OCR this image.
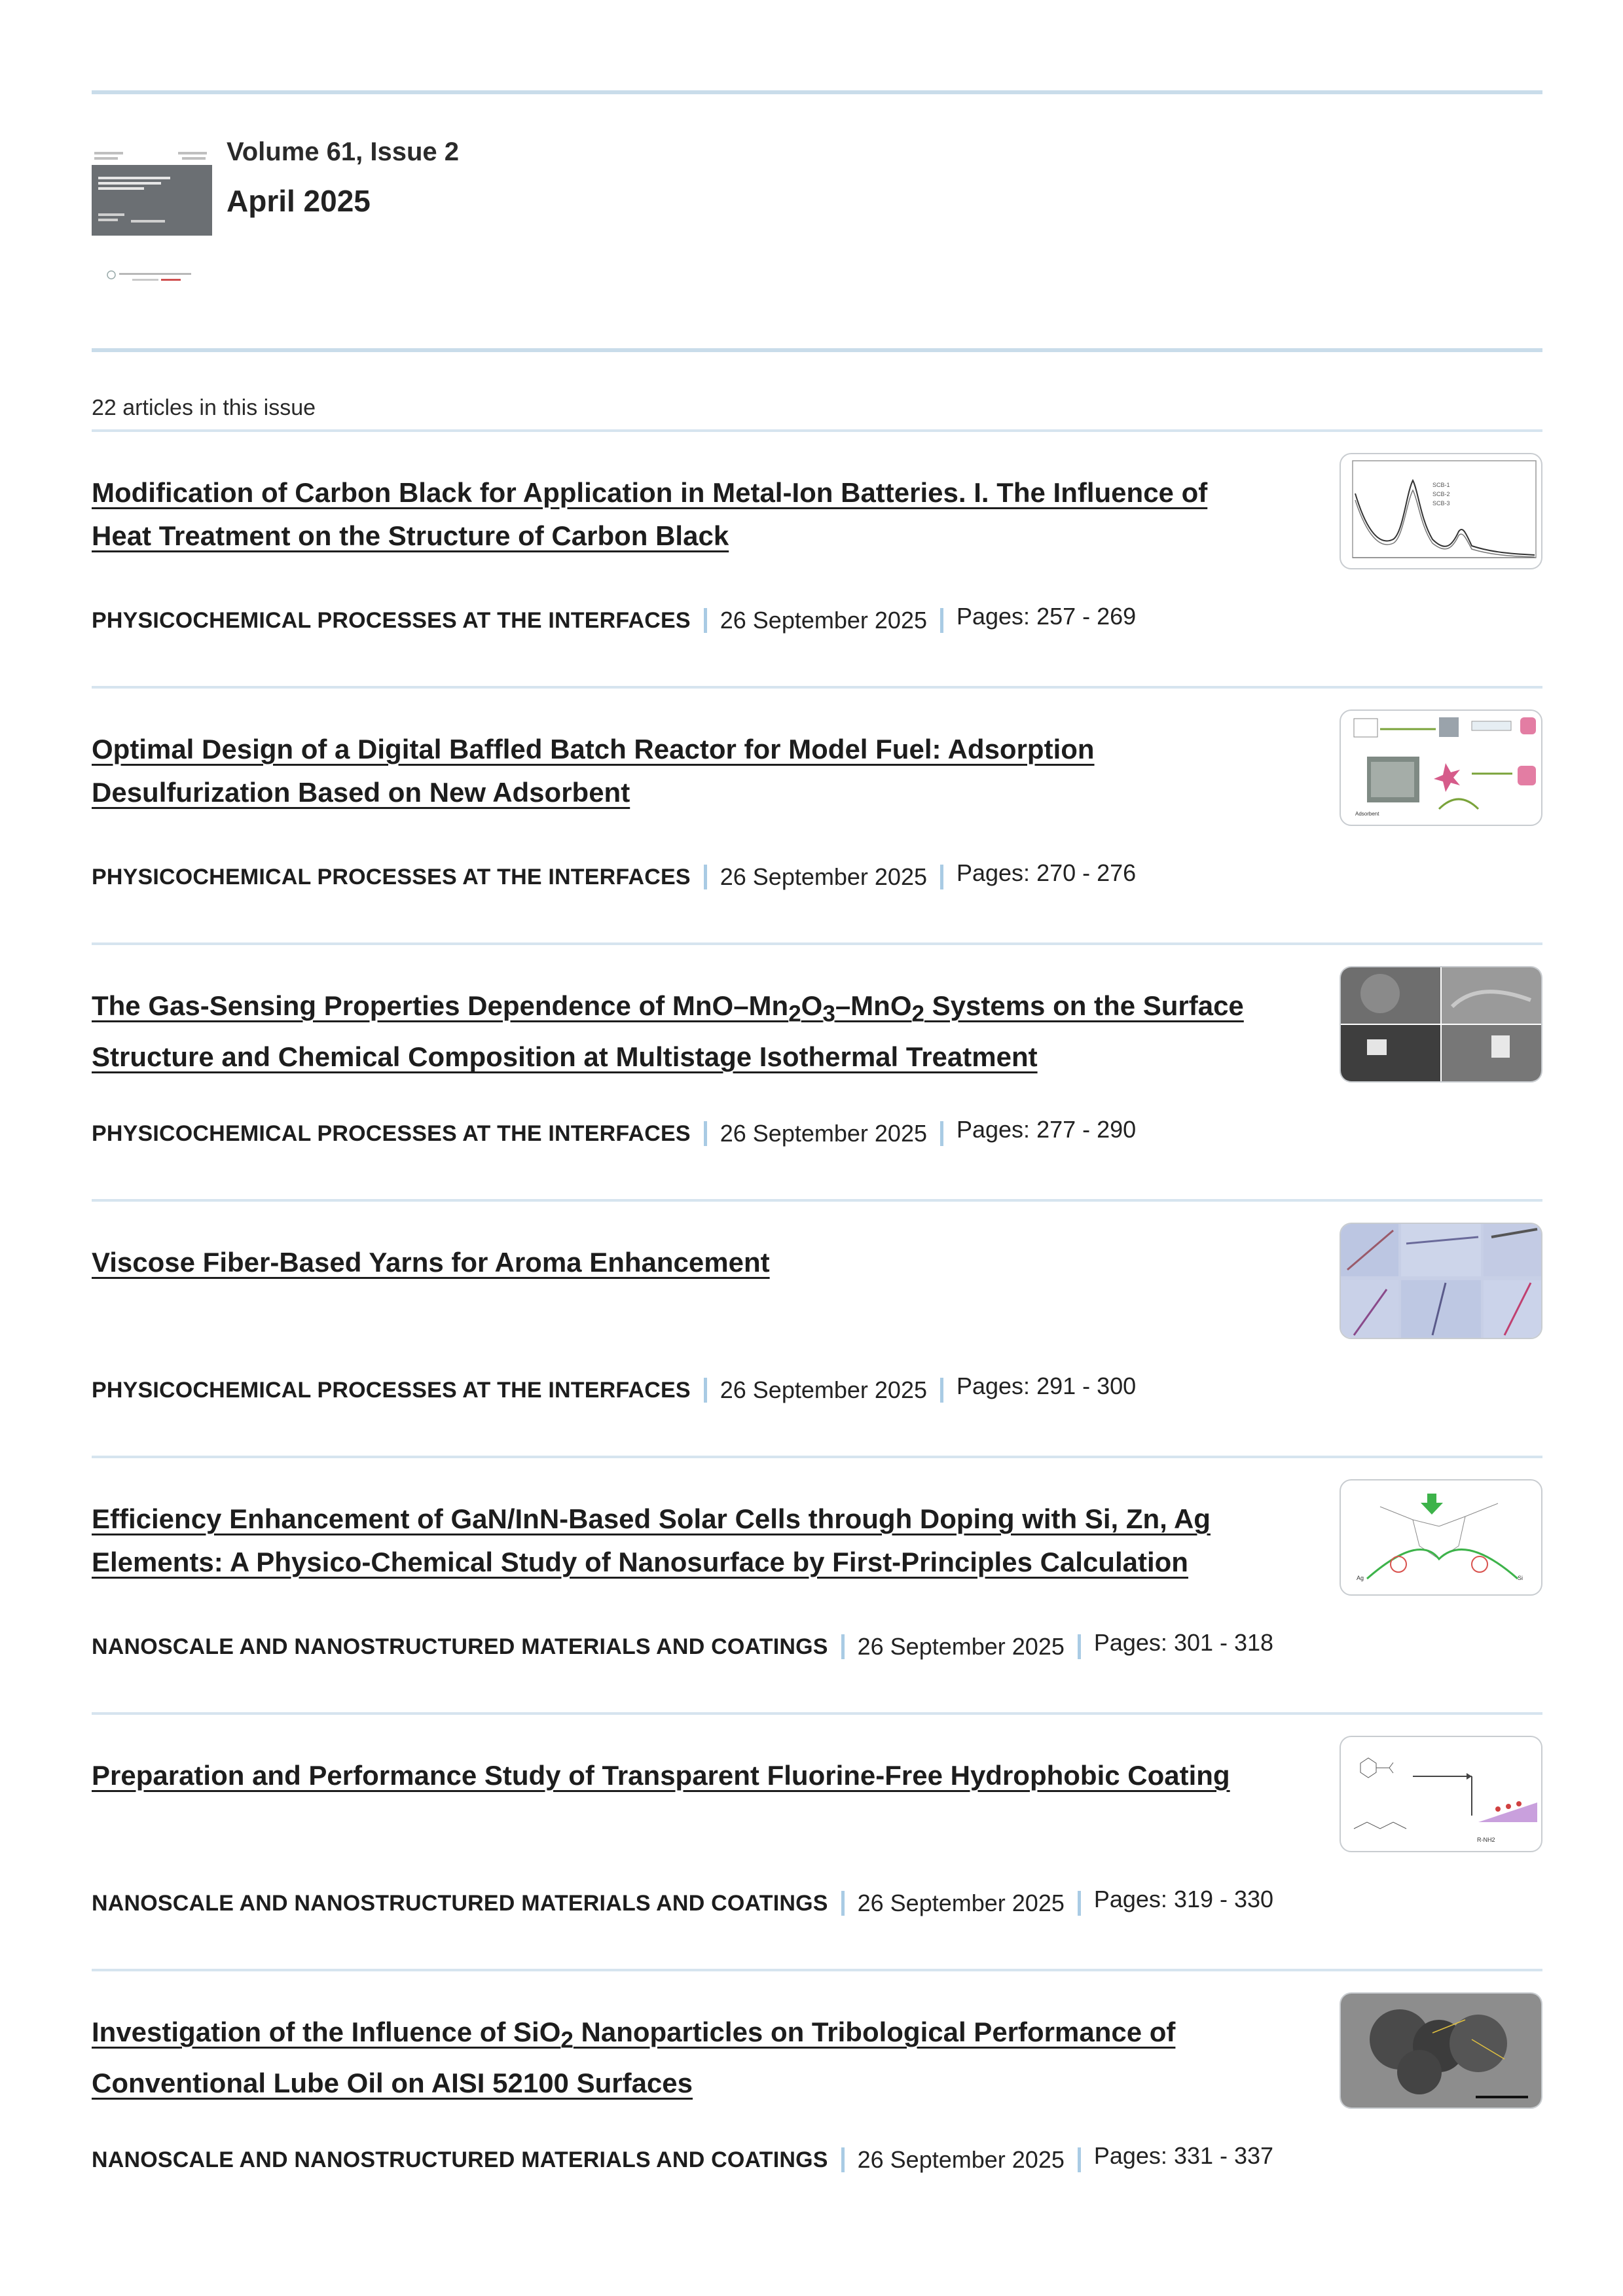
Volume 61, Issue 2
April 2025
22 articles in this issue
Modification of Carbon Black for Application in Metal-Ion Batteries. I. The Influence of
Heat Treatment on the Structure of Carbon Black
SCB-1
SCB-2
SCB-3
PHYSICOCHEMICAL PROCESSES AT THE INTERFACES 26 September 2025 Pages: 257 - 269
Optimal Design of a Digital Baffled Batch Reactor for Model Fuel: Adsorption
Desulfurization Based on New Adsorbent
Adsorbent
PHYSICOCHEMICAL PROCESSES AT THE INTERFACES 26 September 2025 Pages: 270 - 276
The Gas-Sensing Properties Dependence of MnO–$Mn_2O_3-MnO_2$ Systems on the Surface
Structure and Chemical Composition at Multistage Isothermal Treatment
PHYSICOCHEMICAL PROCESSES AT THE INTERFACES 26 September 2025 Pages: 277 - 290
Viscose Fiber-Based Yarns for Aroma Enhancement
PHYSICOCHEMICAL PROCESSES AT THE INTERFACES 26 September 2025 Pages: 291 - 300
Efficiency Enhancement of GaN/InN-Based Solar Cells through Doping with Si, Zn, Ag
Elements: A Physico-Chemical Study of Nanosurface by First-Principles Calculation
Ag	Si
NANOSCALE AND NANOSTRUCTURED MATERIALS AND COATINGS 26 September 2025 Pages: 301 - 318
Preparation and Performance Study of Transparent Fluorine-Free Hydrophobic Coating
R-NH2
NANOSCALE AND NANOSTRUCTURED MATERIALS AND COATINGS 26 September 2025 Pages: 319 - 330
Investigation of the Influence of SiO$_2$ Nanoparticles on Tribological Performance of
Conventional Lube Oil on AISI 52100 Surfaces
NANOSCALE AND NANOSTRUCTURED MATERIALS AND COATINGS 26 September 2025 Pages: 331 - 337
